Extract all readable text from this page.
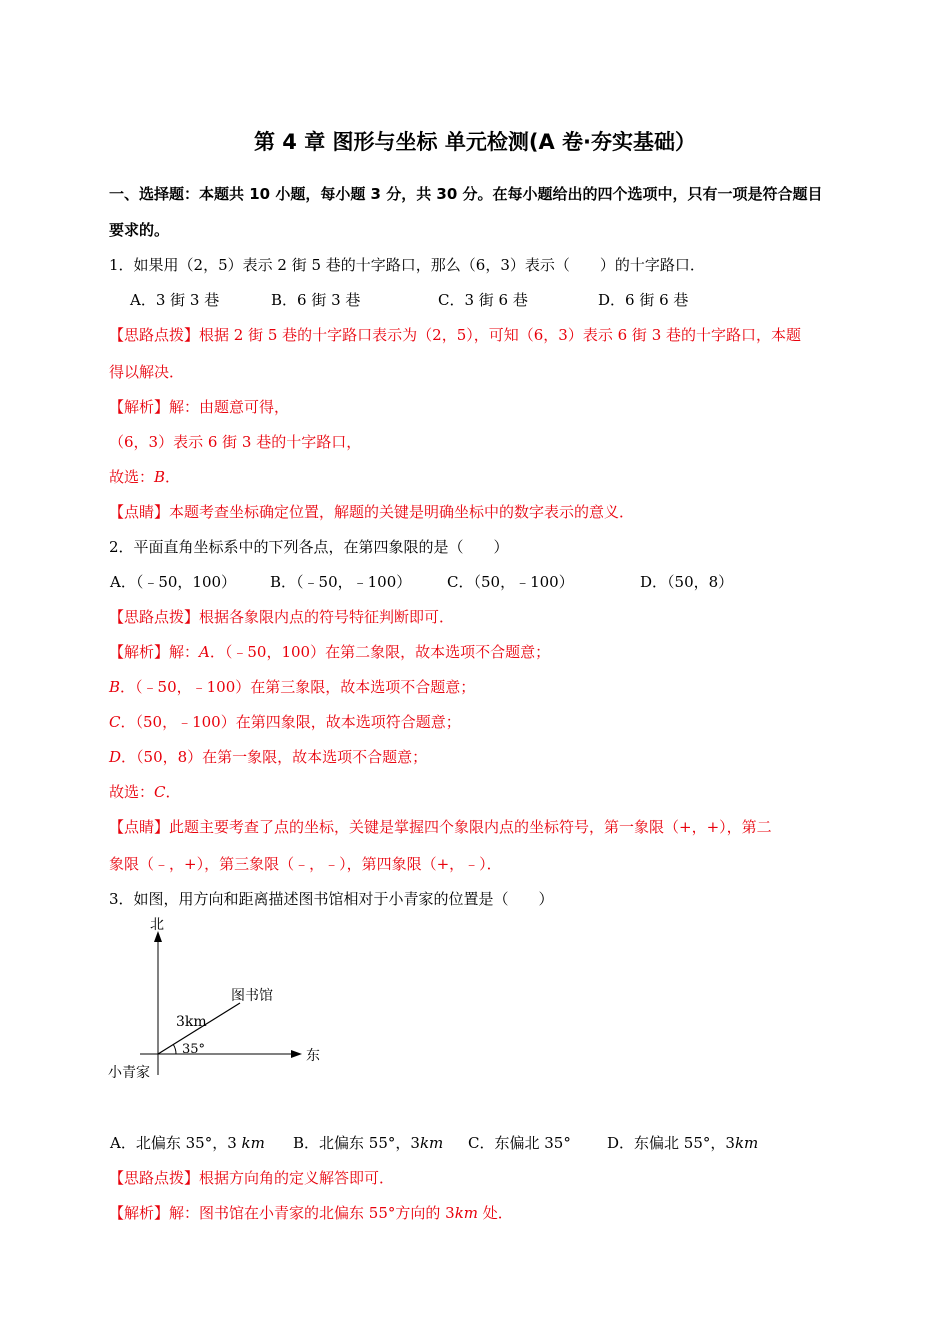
第 4 章 图形与坐标 单元检测(A 卷·夯实基础）
一、选择题：本题共 10 小题，每小题 3 分，共 30 分。在每小题给出的四个选项中，只有一项是符合题目
要求的。
1．如果用（2，5）表示 2 街 5 巷的十字路口，那么（6，3）表示（　　）的十字路口．
A．3 街 3 巷	B．6 街 3 巷	C．3 街 6 巷	D．6 街 6 巷
【思路点拨】根据 2 街 5 巷的十字路口表示为（2，5），可知（6，3）表示 6 街 3 巷的十字路口，本题
得以解决．
【解析】解：由题意可得，
（6，3）表示 6 街 3 巷的十字路口，
故选：B．
【点睛】本题考查坐标确定位置，解题的关键是明确坐标中的数字表示的意义．
2．平面直角坐标系中的下列各点，在第四象限的是（　　）
A．（﹣50，100） B．（﹣50，﹣100） C．（50，﹣100）	D．（50，8）
【思路点拨】根据各象限内点的符号特征判断即可．
【解析】解：A．（﹣50，100）在第二象限，故本选项不合题意；
B．（﹣50，﹣100）在第三象限，故本选项不合题意；
C．（50，﹣100）在第四象限，故本选项符合题意；
D．（50，8）在第一象限，故本选项不合题意；
故选：C．
【点睛】此题主要考查了点的坐标，关键是掌握四个象限内点的坐标符号，第一象限（+，+），第二
象限（﹣，+），第三象限（﹣，﹣），第四象限（+，﹣）．
3．如图，用方向和距离描述图书馆相对于小青家的位置是（　　）
北
东
小青家
图书馆
3km
35°
A．北偏东 35°，3 km B．北偏东 55°，3km C．东偏北 35° D．东偏北 55°，3km
【思路点拨】根据方向角的定义解答即可．
【解析】解：图书馆在小青家的北偏东 55°方向的 3km 处．
